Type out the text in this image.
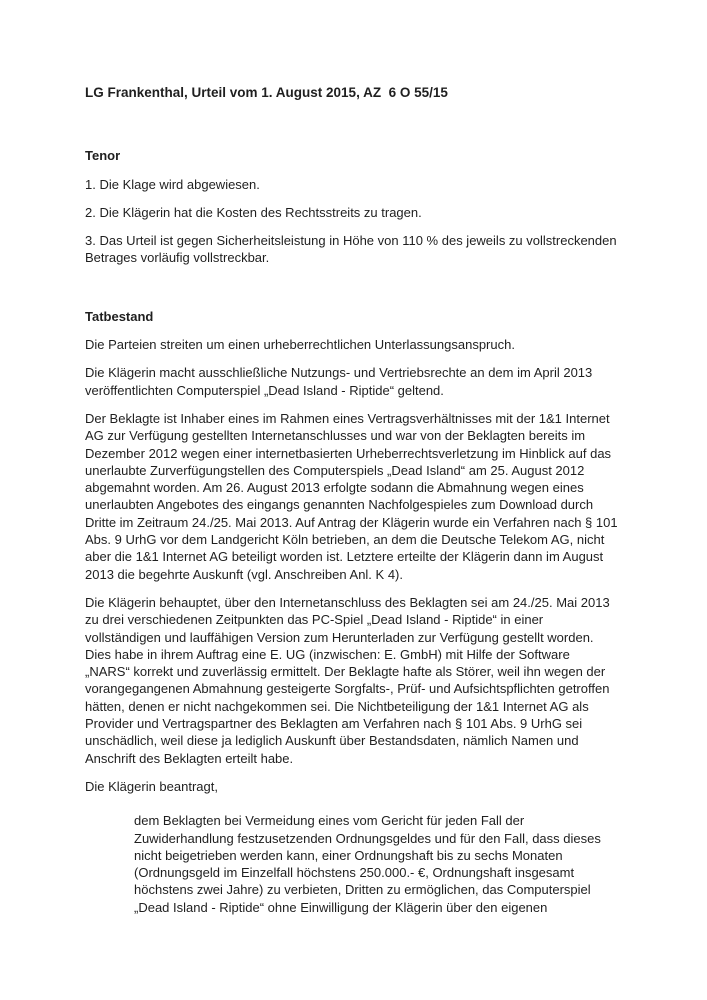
LG Frankenthal, Urteil vom 1. August 2015, AZ  6 O 55/15
Tenor

1. Die Klage wird abgewiesen.

2. Die Klägerin hat die Kosten des Rechtsstreits zu tragen.

3. Das Urteil ist gegen Sicherheitsleistung in Höhe von 110 % des jeweils zu vollstreckenden Betrages vorläufig vollstreckbar.

Tatbestand

Die Parteien streiten um einen urheberrechtlichen Unterlassungsanspruch.

Die Klägerin macht ausschließliche Nutzungs- und Vertriebsrechte an dem im April 2013 veröffentlichten Computerspiel „Dead Island - Riptide“ geltend.

Der Beklagte ist Inhaber eines im Rahmen eines Vertragsverhältnisses mit der 1&1 Internet AG zur Verfügung gestellten Internetanschlusses und war von der Beklagten bereits im Dezember 2012 wegen einer internetbasierten Urheberrechtsverletzung im Hinblick auf das unerlaubte Zurverfügungstellen des Computerspiels „Dead Island“ am 25. August 2012 abgemahnt worden. Am 26. August 2013 erfolgte sodann die Abmahnung wegen eines unerlaubten Angebotes des eingangs genannten Nachfolgespieles zum Download durch Dritte im Zeitraum 24./25. Mai 2013. Auf Antrag der Klägerin wurde ein Verfahren nach § 101 Abs. 9 UrhG vor dem Landgericht Köln betrieben, an dem die Deutsche Telekom AG, nicht aber die 1&1 Internet AG beteiligt worden ist. Letztere erteilte der Klägerin dann im August 2013 die begehrte Auskunft (vgl. Anschreiben Anl. K 4).

Die Klägerin behauptet, über den Internetanschluss des Beklagten sei am 24./25. Mai 2013 zu drei verschiedenen Zeitpunkten das PC-Spiel „Dead Island - Riptide“ in einer vollständigen und lauffähigen Version zum Herunterladen zur Verfügung gestellt worden. Dies habe in ihrem Auftrag eine E. UG (inzwischen: E. GmbH) mit Hilfe der Software „NARS“ korrekt und zuverlässig ermittelt. Der Beklagte hafte als Störer, weil ihn wegen der vorangegangenen Abmahnung gesteigerte Sorgfalts-, Prüf- und Aufsichtspflichten getroffen hätten, denen er nicht nachgekommen sei. Die Nichtbeteiligung der 1&1 Internet AG als Provider und Vertragspartner des Beklagten am Verfahren nach § 101 Abs. 9 UrhG sei unschädlich, weil diese ja lediglich Auskunft über Bestandsdaten, nämlich Namen und Anschrift des Beklagten erteilt habe.

Die Klägerin beantragt,

dem Beklagten bei Vermeidung eines vom Gericht für jeden Fall der Zuwiderhandlung festzusetzenden Ordnungsgeldes und für den Fall, dass dieses nicht beigetrieben werden kann, einer Ordnungshaft bis zu sechs Monaten (Ordnungsgeld im Einzelfall höchstens 250.000.- €, Ordnungshaft insgesamt höchstens zwei Jahre) zu verbieten, Dritten zu ermöglichen, das Computerspiel „Dead Island - Riptide“ ohne Einwilligung der Klägerin über den eigenen
